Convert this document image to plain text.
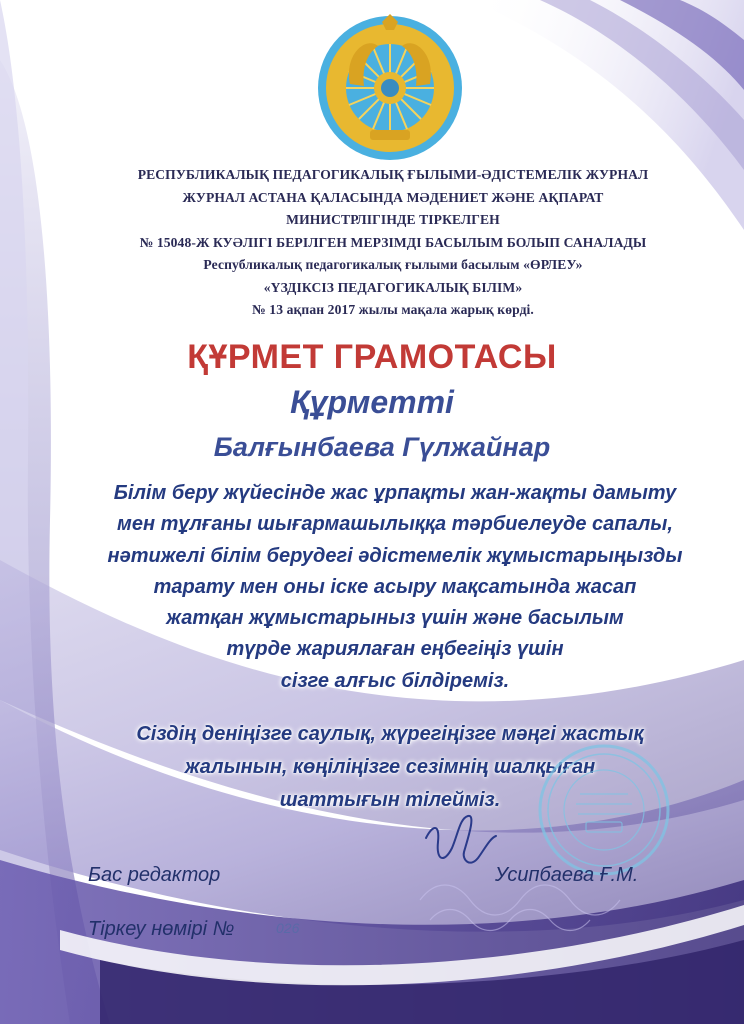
РЕСПУБЛИКАЛЫҚ ПЕДАГОГИКАЛЫҚ ҒЫЛЫМИ-ӘДІСТЕМЕЛІК ЖУРНАЛ
ЖУРНАЛ АСТАНА ҚАЛАСЫНДА МӘДЕНИЕТ ЖӘНЕ АҚПАРАТ
МИНИСТРЛІГІНДЕ ТІРКЕЛГЕН
№ 15048-Ж КУӘЛІГІ БЕРІЛГЕН МЕРЗІМДІ БАСЫЛЫМ БОЛЫП САНАЛАДЫ
Республикалық педагогикалық ғылыми басылым «ӨРЛЕУ»
«ҮЗДІКСІЗ ПЕДАГОГИКАЛЫҚ БІЛІМ»
№ 13 ақпан 2017 жылы мақала жарық көрді.
ҚҰРМЕТ ГРАМОТАСЫ
Құрметті
Балғынбаева Гүлжайнар
Білім беру жүйесінде жас ұрпақты жан-жақты дамыту
мен тұлғаны шығармашылыққа тәрбиелеуде сапалы,
нәтижелі білім берудегі әдістемелік жұмыстарыңызды
тарату мен оны іске асыру мақсатында жасап
жатқан жұмыстарыныз үшін және басылым
түрде жариялаған еңбегіңіз үшін
сізге алғыс білдіреміз.
Сіздің деніңізге саулық, жүрегіңізге мәңгі жастық
жалынын, көңіліңізге сезімнің шалқыған
шаттығын тілейміз.
Бас редактор	Усипбаева Ғ.М.
Тіркеу нөмірі №	026
